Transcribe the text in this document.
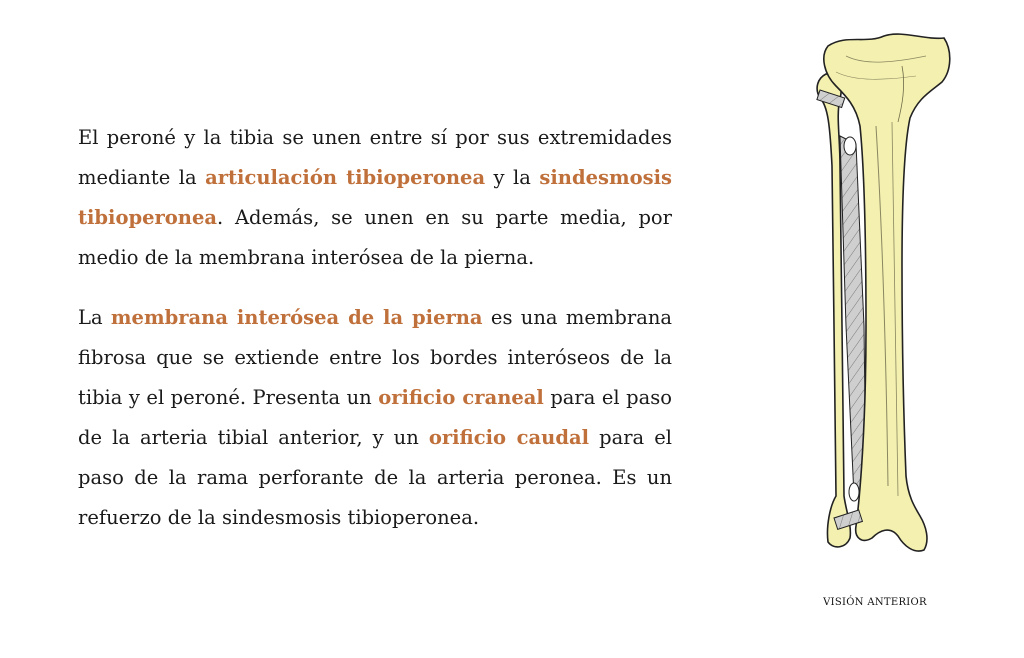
El peroné y la tibia se unen entre sí por sus extremidades mediante la articulación tibioperonea y la sindesmosis tibioperonea. Además, se unen en su parte media, por medio de la membrana interósea de la pierna.

La membrana interósea de la pierna es una membrana fibrosa que se extiende entre los bordes interóseos de la tibia y el peroné. Presenta un orificio craneal para el paso de la arteria tibial anterior, y un orificio caudal para el paso de la rama perforante de la arteria peronea. Es un refuerzo de la sindesmosis tibioperonea.

VISIÓN ANTERIOR
